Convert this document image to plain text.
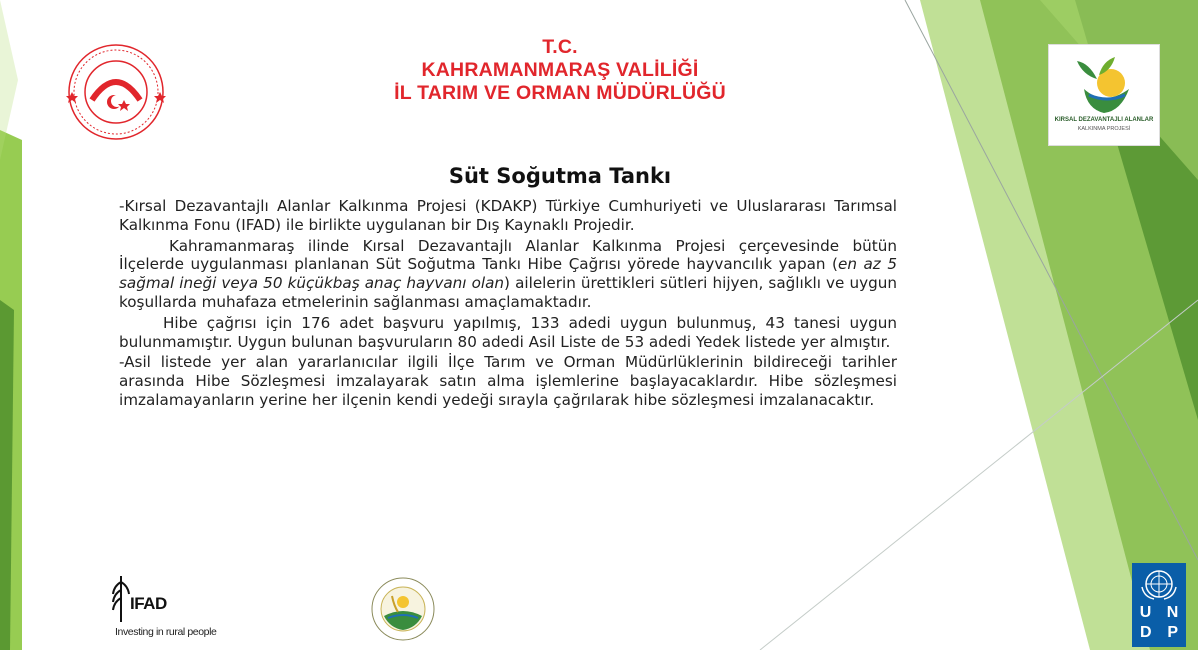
T.C.
KAHRAMANMARAŞ VALİLİĞİ
İL TARIM VE ORMAN MÜDÜRLÜĞÜ
KIRSAL DEZAVANTAJLI ALANLAR
KALKINMA PROJESİ
Süt Soğutma Tankı

-Kırsal Dezavantajlı Alanlar Kalkınma Projesi (KDAKP) Türkiye Cumhuriyeti ve Uluslararası Tarımsal Kalkınma Fonu (IFAD) ile birlikte uygulanan bir Dış Kaynaklı Projedir.

Kahramanmaraş ilinde Kırsal Dezavantajlı Alanlar Kalkınma Projesi çerçevesinde bütün İlçelerde uygulanması planlanan Süt Soğutma Tankı Hibe Çağrısı yörede hayvancılık yapan (en az 5 sağmal ineği veya 50 küçükbaş anaç hayvanı olan) ailelerin ürettikleri sütleri hijyen, sağlıklı ve uygun koşullarda muhafaza etmelerinin sağlanması amaçlamaktadır.

Hibe çağrısı için 176 adet başvuru yapılmış, 133 adedi uygun bulunmuş, 43 tanesi uygun bulunmamıştır. Uygun bulunan başvuruların 80 adedi Asil Liste de 53 adedi Yedek listede yer almıştır.

-Asil listede yer alan yararlanıcılar ilgili İlçe Tarım ve Orman Müdürlüklerinin bildireceği tarihler arasında Hibe Sözleşmesi imzalayarak satın alma işlemlerine başlayacaklardır. Hibe sözleşmesi imzalamayanların yerine her ilçenin kendi yedeği sırayla çağrılarak hibe sözleşmesi imzalanacaktır.

IFAD
Investing in rural people
U N
D P
